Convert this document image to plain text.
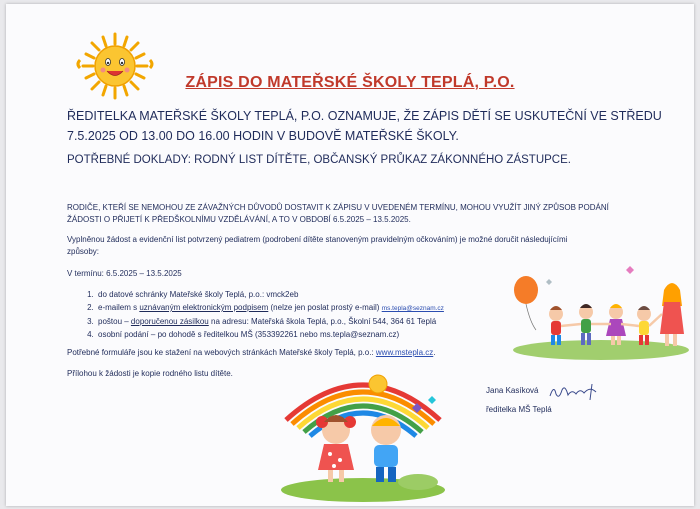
ZÁPIS DO MATEŘSKÉ ŠKOLY TEPLÁ, P.O.
ŘEDITELKA MATEŘSKÉ ŠKOLY TEPLÁ, P.O. OZNAMUJE, ŽE ZÁPIS DĚTÍ SE USKUTEČNÍ VE STŘEDU
7.5.2025 OD 13.00 DO 16.00 HODIN V BUDOVĚ MATEŘSKÉ ŠKOLY.
POTŘEBNÉ DOKLADY: RODNÝ LIST DÍTĚTE, OBČANSKÝ PRŮKAZ ZÁKONNÉHO ZÁSTUPCE.
RODIČE, KTEŘÍ SE NEMOHOU ZE ZÁVAŽNÝCH DŮVODŮ DOSTAVIT K ZÁPISU V UVEDENÉM TERMÍNU, MOHOU VYUŽÍT JINÝ ZPŮSOB PODÁNÍ
ŽÁDOSTI O PŘIJETÍ K PŘEDŠKOLNÍMU VZDĚLÁVÁNÍ, A TO V OBDOBÍ 6.5.2025 – 13.5.2025.
Vyplněnou žádost a evidenční list potvrzený pediatrem (podrobení dítěte stanoveným pravidelným očkováním) je možné doručit následujícími
způsoby:
V termínu: 6.5.2025 – 13.5.2025
1. do datové schránky Mateřské školy Teplá, p.o.: vmck2eb
2. e-mailem s uznávaným elektronickým podpisem (nelze jen poslat prostý e-mail) ms.tepla@seznam.cz
3. poštou – doporučenou zásilkou na adresu: Mateřská škola Teplá, p.o., Školní 544, 364 61 Teplá
4. osobní podání – po dohodě s ředitelkou MŠ (353392261 nebo ms.tepla@seznam.cz)
Potřebné formuláře jsou ke stažení na webových stránkách Mateřské školy Teplá, p.o.: www.mstepla.cz.
Přílohou k žádosti je kopie rodného listu dítěte.
Jana Kasíková
ředitelka MŠ Teplá
